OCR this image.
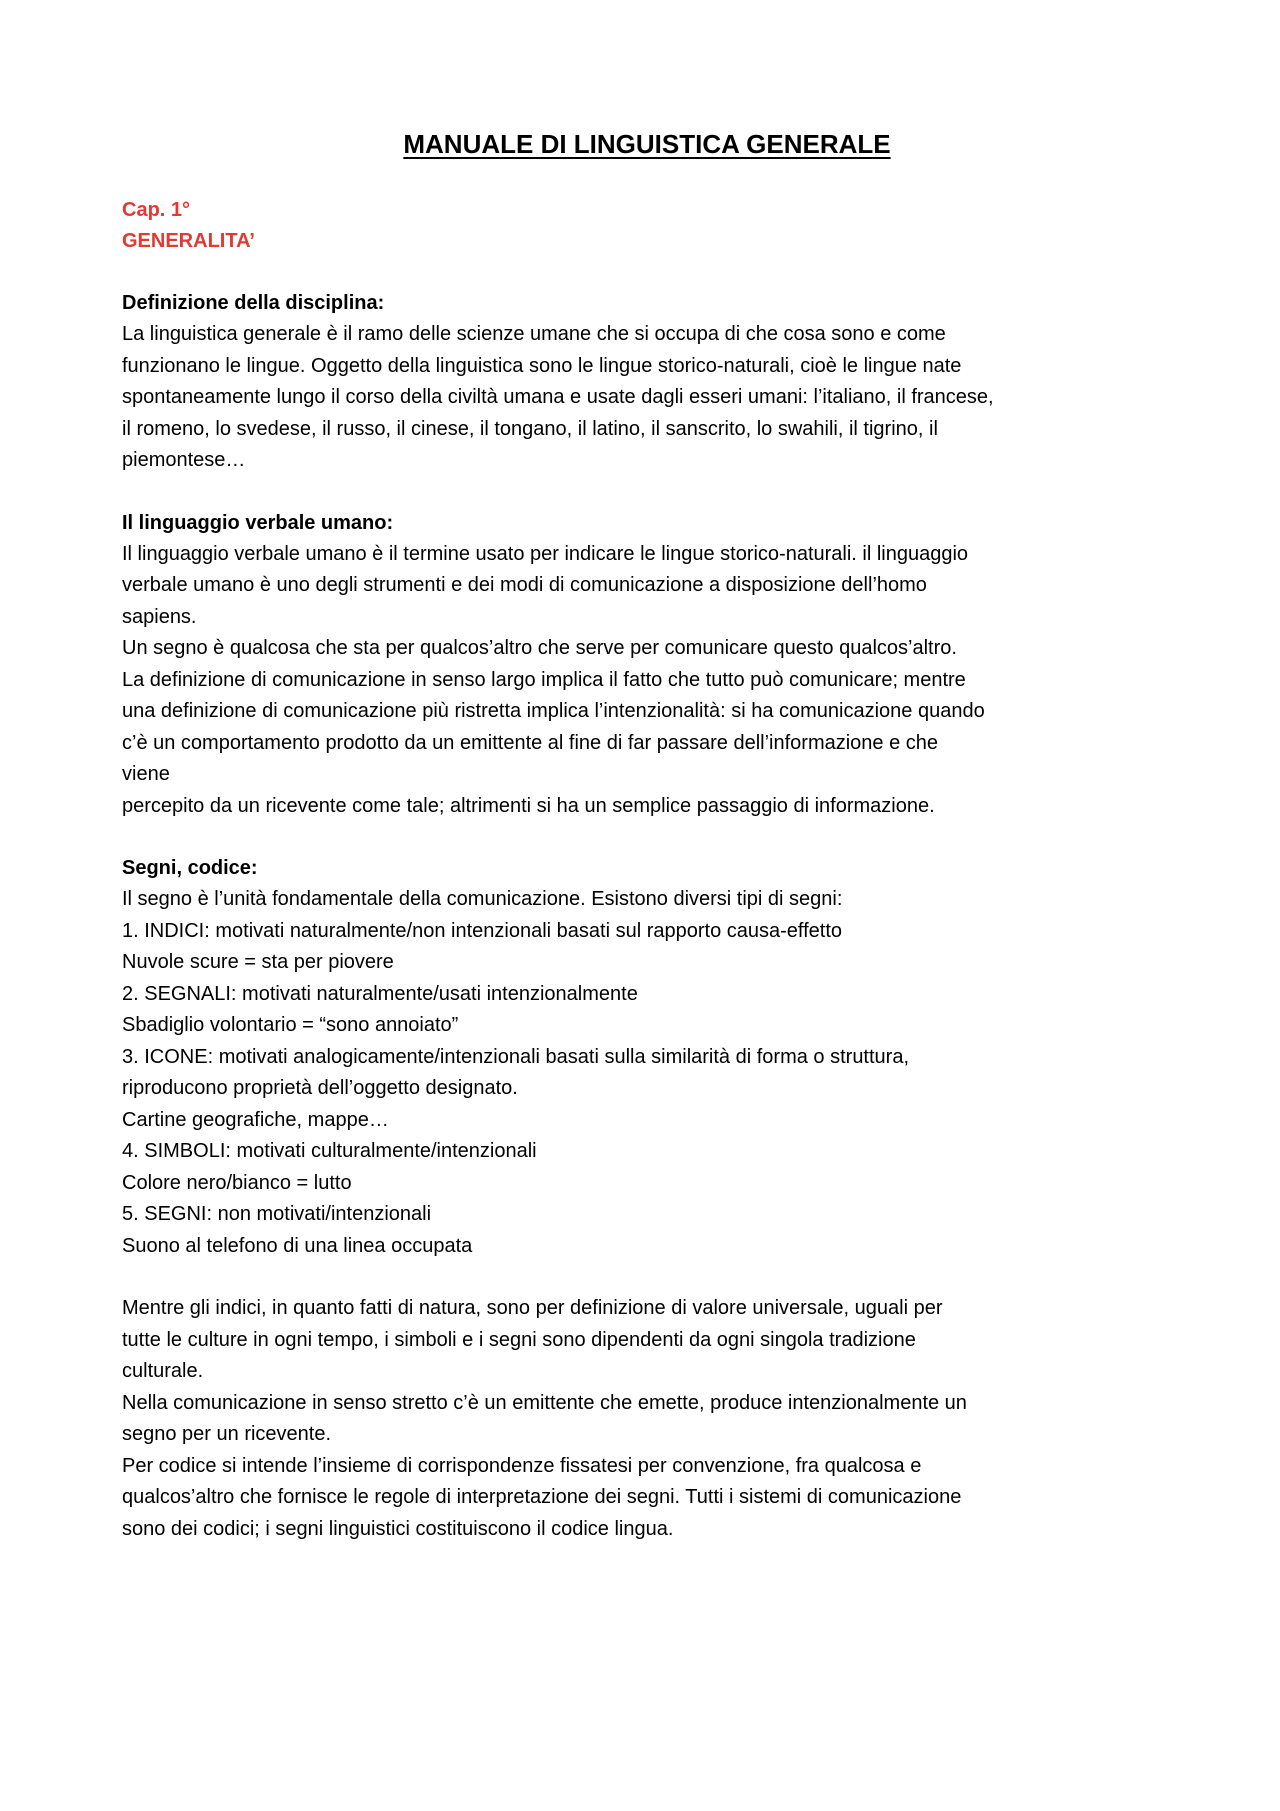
MANUALE DI LINGUISTICA GENERALE

Cap. 1°

GENERALITA’

Definizione della disciplina:

La linguistica generale è il ramo delle scienze umane che si occupa di che cosa sono e come

funzionano le lingue. Oggetto della linguistica sono le lingue storico-naturali, cioè le lingue nate

spontaneamente lungo il corso della civiltà umana e usate dagli esseri umani: l’italiano, il francese,

il romeno, lo svedese, il russo, il cinese, il tongano, il latino, il sanscrito, lo swahili, il tigrino, il

piemontese…

Il linguaggio verbale umano:

Il linguaggio verbale umano è il termine usato per indicare le lingue storico-naturali. il linguaggio

verbale umano è uno degli strumenti e dei modi di comunicazione a disposizione dell’homo

sapiens.

Un segno è qualcosa che sta per qualcos’altro che serve per comunicare questo qualcos’altro.

La definizione di comunicazione in senso largo implica il fatto che tutto può comunicare; mentre

una definizione di comunicazione più ristretta implica l’intenzionalità: si ha comunicazione quando

c’è un comportamento prodotto da un emittente al fine di far passare dell’informazione e che

viene

percepito da un ricevente come tale; altrimenti si ha un semplice passaggio di informazione.

Segni, codice:

Il segno è l’unità fondamentale della comunicazione. Esistono diversi tipi di segni:

1. INDICI: motivati naturalmente/non intenzionali basati sul rapporto causa-effetto

Nuvole scure = sta per piovere

2. SEGNALI: motivati naturalmente/usati intenzionalmente

Sbadiglio volontario = “sono annoiato”

3. ICONE: motivati analogicamente/intenzionali basati sulla similarità di forma o struttura,

riproducono proprietà dell’oggetto designato.

Cartine geografiche, mappe…

4. SIMBOLI: motivati culturalmente/intenzionali

Colore nero/bianco = lutto

5. SEGNI: non motivati/intenzionali

Suono al telefono di una linea occupata

Mentre gli indici, in quanto fatti di natura, sono per definizione di valore universale, uguali per

tutte le culture in ogni tempo, i simboli e i segni sono dipendenti da ogni singola tradizione

culturale.

Nella comunicazione in senso stretto c’è un emittente che emette, produce intenzionalmente un

segno per un ricevente.

Per codice si intende l’insieme di corrispondenze fissatesi per convenzione, fra qualcosa e

qualcos’altro che fornisce le regole di interpretazione dei segni. Tutti i sistemi di comunicazione

sono dei codici; i segni linguistici costituiscono il codice lingua.
